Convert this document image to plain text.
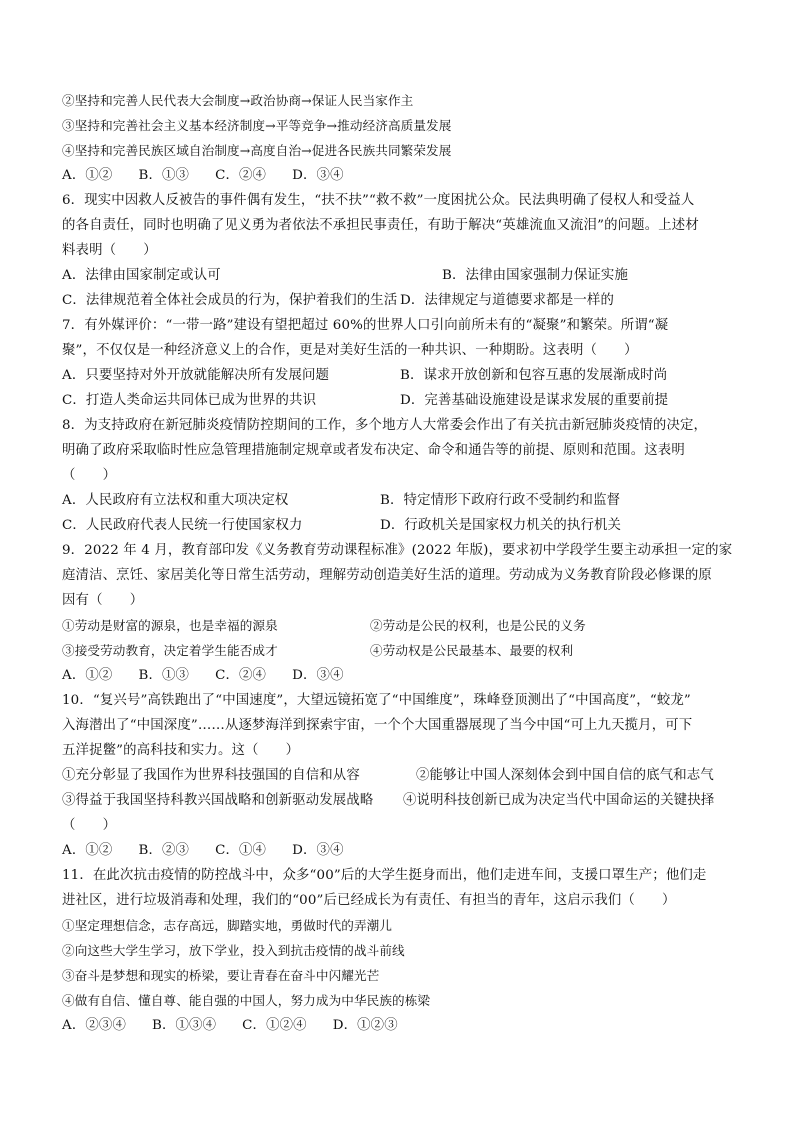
②坚持和完善人民代表大会制度→政治协商→保证人民当家作主
③坚持和完善社会主义基本经济制度→平等竞争→推动经济高质量发展
④坚持和完善民族区域自治制度→高度自治→促进各民族共同繁荣发展
A．①② B．①③ C．②④ D．③④
6．现实中因救人反被告的事件偶有发生，“扶不扶”“救不救”一度困扰公众。民法典明确了侵权人和受益人
的各自责任，同时也明确了见义勇为者依法不承担民事责任，有助于解决“英雄流血又流泪”的问题。上述材
料表明（　　）
A．法律由国家制定或认可	B．法律由国家强制力保证实施
C．法律规范着全体社会成员的行为，保护着我们的生活 D．法律规定与道德要求都是一样的
7．有外媒评价：“一带一路”建设有望把超过 60%的世界人口引向前所未有的“凝聚”和繁荣。所谓“凝
聚”，不仅仅是一种经济意义上的合作，更是对美好生活的一种共识、一种期盼。这表明（　　）
A．只要坚持对外开放就能解决所有发展问题	B．谋求开放创新和包容互惠的发展渐成时尚
C．打造人类命运共同体已成为世界的共识	D．完善基础设施建设是谋求发展的重要前提
8．为支持政府在新冠肺炎疫情防控期间的工作，多个地方人大常委会作出了有关抗击新冠肺炎疫情的决定，
明确了政府采取临时性应急管理措施制定规章或者发布决定、命令和通告等的前提、原则和范围。这表明
（　　）
A．人民政府有立法权和重大项决定权	B．特定情形下政府行政不受制约和监督
C．人民政府代表人民统一行使国家权力	D．行政机关是国家权力机关的执行机关
9．2022 年 4 月，教育部印发《义务教育劳动课程标准》(2022 年版)，要求初中学段学生要主动承担一定的家
庭清洁、烹饪、家居美化等日常生活劳动，理解劳动创造美好生活的道理。劳动成为义务教育阶段必修课的原
因有（　　）
①劳动是财富的源泉，也是幸福的源泉	②劳动是公民的权利，也是公民的义务
③接受劳动教育，决定着学生能否成才	④劳动权是公民最基本、最要的权利
A．①② B．①③ C．②④ D．③④
10．“复兴号”高铁跑出了“中国速度”，大望远镜拓宽了“中国维度”，珠峰登顶测出了“中国高度”，“蛟龙”
入海潜出了“中国深度”……从逐梦海洋到探索宇宙，一个个大国重器展现了当今中国“可上九天揽月，可下
五洋捉鳖”的高科技和实力。这（　　）
①充分彰显了我国作为世界科技强国的自信和从容	②能够让中国人深刻体会到中国自信的底气和志气
③得益于我国坚持科教兴国战略和创新驱动发展战略	④说明科技创新已成为决定当代中国命运的关键抉择
（　　）
A．①② B．②③ C．①④ D．③④
11．在此次抗击疫情的防控战斗中，众多“00”后的大学生挺身而出，他们走进车间，支援口罩生产；他们走
进社区，进行垃圾消毒和处理，我们的“00”后已经成长为有责任、有担当的青年，这启示我们（　　）
①坚定理想信念，志存高远，脚踏实地，勇做时代的弄潮儿
②向这些大学生学习，放下学业，投入到抗击疫情的战斗前线
③奋斗是梦想和现实的桥梁，要让青春在奋斗中闪耀光芒
④做有自信、懂自尊、能自强的中国人，努力成为中华民族的栋梁
A．②③④ B．①③④ C．①②④ D．①②③
